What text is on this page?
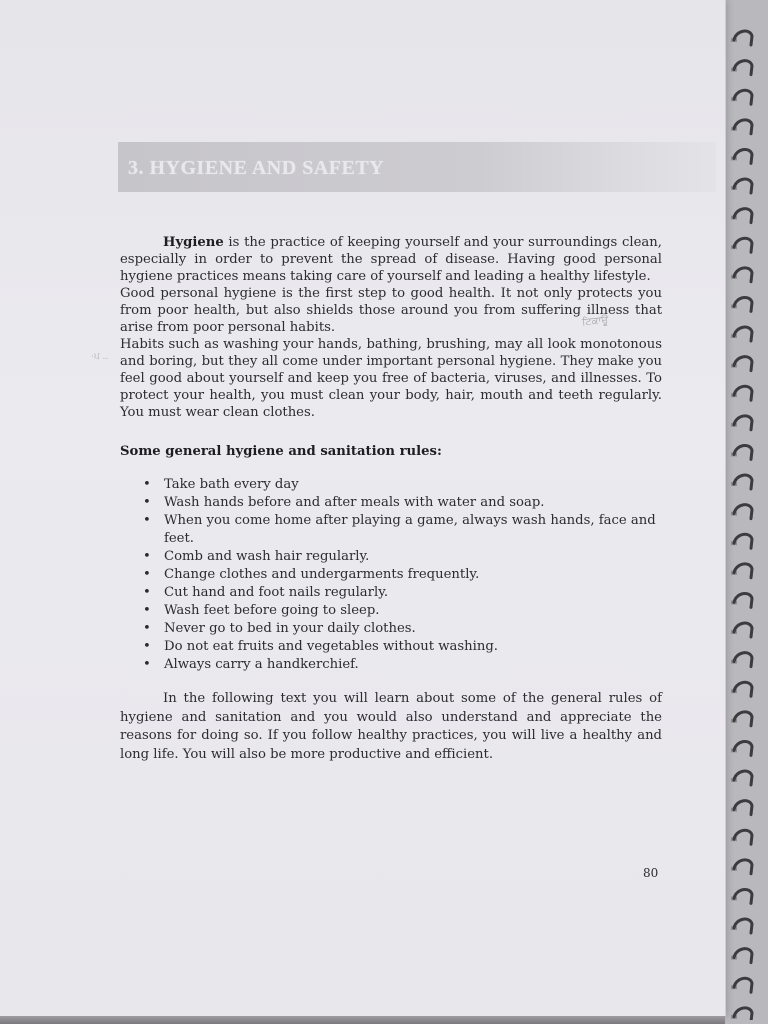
3. HYGIENE AND SAFETY

Hygiene is the practice of keeping yourself and your surroundings clean, especially in order to prevent the spread of disease. Having good personal hygiene practices means taking care of yourself and leading a healthy lifestyle.

Good personal hygiene is the first step to good health. It not only protects you from poor health, but also shields those around you from suffering illness that arise from poor personal habits.

Habits such as washing your hands, bathing, brushing, may all look monotonous and boring, but they all come under important personal hygiene. They make you feel good about yourself and keep you free of bacteria, viruses, and illnesses. To protect your health, you must clean your body, hair, mouth and teeth regularly. You must wear clean clothes.

ਟਿਕਾਊ
·ਪ ..
Some general hygiene and sanitation rules:
• Take bath every day
• Wash hands before and after meals with water and soap.
• When you come home after playing a game, always wash hands, face and feet.
• Comb and wash hair regularly.
• Change clothes and undergarments frequently.
• Cut hand and foot nails regularly.
• Wash feet before going to sleep.
• Never go to bed in your daily clothes.
• Do not eat fruits and vegetables without washing.
• Always carry a handkerchief.

In the following text you will learn about some of the general rules of hygiene and sanitation and you would also understand and appreciate the reasons for doing so. If you follow healthy practices, you will live a healthy and long life. You will also be more productive and efficient.

80
